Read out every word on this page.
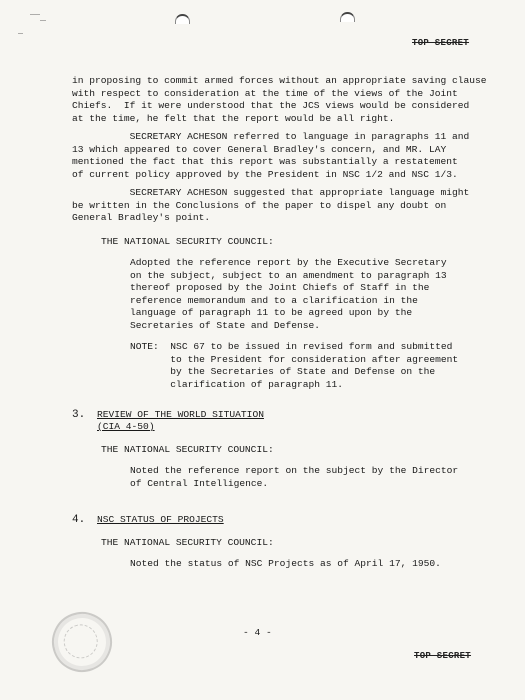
TOP SECRET

in proposing to commit armed forces without an appropriate saving clause
with respect to consideration at the time of the views of the Joint
Chiefs.  If it were understood that the JCS views would be considered
at the time, he felt that the report would be all right.

SECRETARY ACHESON referred to language in paragraphs 11 and
13 which appeared to cover General Bradley's concern, and MR. LAY
mentioned the fact that this report was substantially a restatement
of current policy approved by the President in NSC 1/2 and NSC 1/3.

SECRETARY ACHESON suggested that appropriate language might
be written in the Conclusions of the paper to dispel any doubt on
General Bradley's point.

THE NATIONAL SECURITY COUNCIL:

Adopted the reference report by the Executive Secretary
on the subject, subject to an amendment to paragraph 13
thereof proposed by the Joint Chiefs of Staff in the
reference memorandum and to a clarification in the
language of paragraph 11 to be agreed upon by the
Secretaries of State and Defense.

NOTE:  NSC 67 to be issued in revised form and submitted
to the President for consideration after agreement
by the Secretaries of State and Defense on the
clarification of paragraph 11.

3. REVIEW OF THE WORLD SITUATION
(CIA 4-50)
THE NATIONAL SECURITY COUNCIL:

Noted the reference report on the subject by the Director
of Central Intelligence.

4. NSC STATUS OF PROJECTS
THE NATIONAL SECURITY COUNCIL:

Noted the status of NSC Projects as of April 17, 1950.

- 4 -
TOP SECRET
